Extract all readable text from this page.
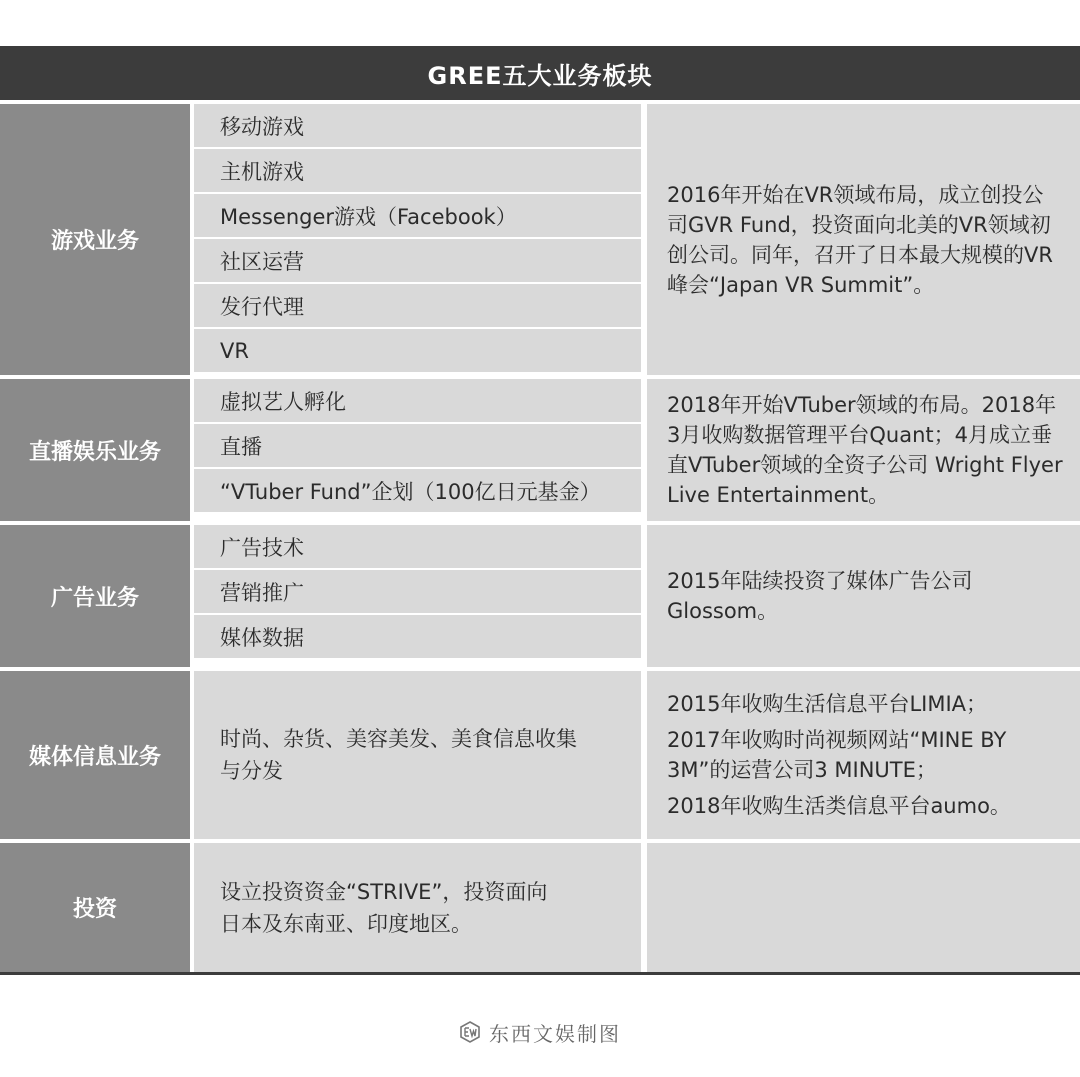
GREE五大业务板块
游戏业务
移动游戏
主机游戏
Messenger游戏（Facebook）
社区运营
发行代理
VR

2016年开始在VR领域布局，成立创投公司GVR Fund，投资面向北美的VR领域初创公司。同年，召开了日本最大规模的VR峰会“Japan VR Summit”。

直播娱乐业务
虚拟艺人孵化
直播
“VTuber Fund”企划（100亿日元基金）

2018年开始VTuber领域的布局。2018年3月收购数据管理平台Quant；4月成立垂直VTuber领域的全资子公司 Wright Flyer Live Entertainment。

广告业务
广告技术
营销推广
媒体数据

2015年陆续投资了媒体广告公司Glossom。

媒体信息业务
时尚、杂货、美容美发、美食信息收集
与分发

2015年收购生活信息平台LIMIA；

2017年收购时尚视频网站“MINE BY 3M”的运营公司3 MINUTE；

2018年收购生活类信息平台aumo。

投资
设立投资资金“STRIVE”，投资面向
日本及东南亚、印度地区。
东西文娱制图
